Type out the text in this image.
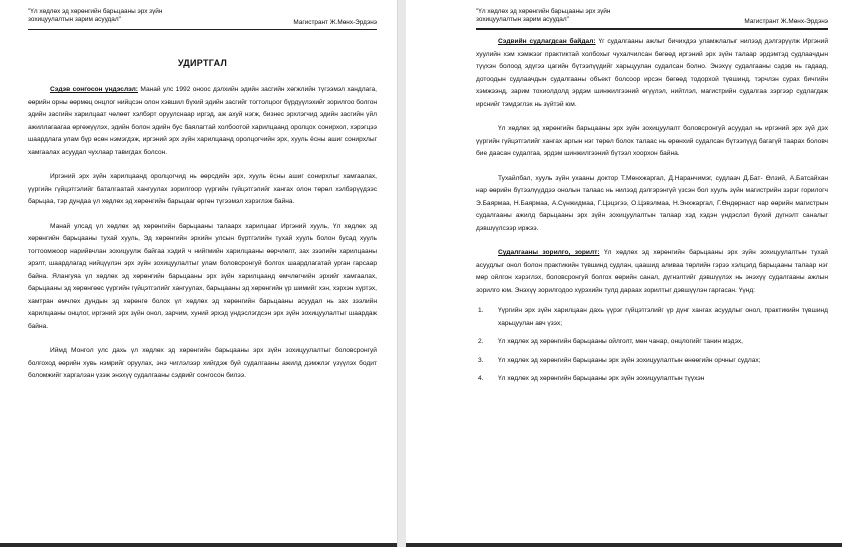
"Үл хөдлөх эд хөрөнгийн барьцааны эрх зүйн
зохицуулалтын зарим асуудал"	Магистрант Ж.Мөнх-Эрдэнэ
УДИРТГАЛ

Сэдэв сонгосон үндэслэл: Манай улс 1992 оноос дэлхийн эдийн засгийн хөгжлийн түгээмэл хандлага, өөрийн орны өөрмөц онцлог нийцсэн олон хэвшил бүхий эдийн засгийг тогтолцоог бүрдүүлэхийг зорилгоо болгон эдийн засгийн харилцаат чөлөөт хэлбэрт оруулснаар иргэд, аж ахуй нэгж, бизнес эрхлэгчид эдийн засгийн үйл ажиллагаагаа өргөжүүлэх, эдийн болон эдийн бус баялагтай холбоотой харилцаанд оролцох сонирхол, хэрэгцээ шаардлага улам бүр өсөн нэмэгдэж, иргэний эрх зүйн харилцаанд оролцогчийн эрх, хууль ёсны ашиг сонирхлыг хамгаалах асуудал чухлаар тавигдах болсон.

Иргэний эрх зүйн харилцаанд оролцогчид нь өөрсдийн эрх, хууль ёсны ашиг сонирхлыг хамгаалах, үүргийн гүйцэтгэлийг баталгаатай хангуулах зорилгоор үүргийн гүйцэтгэлийг хангах олон төрөл хэлбэрүүдээс барьцаа, тэр дундаа үл хөдлөх эд хөрөнгийн барьцааг өргөн түгээмэл хэрэглэж байна.

Манай улсад үл хөдлөх эд хөрөнгийн барьцааны талаарх харилцааг Иргэний хууль, Үл хөдлөх эд хөрөнгийн барьцааны тухай хууль, Эд хөрөнгийн эрхийн улсын бүртгэлийн тухай хууль болон бусад хууль тогтоомжоор нарийвчлан зохицуулж байгаа хэдий ч нийгмийн харилцааны өөрчлөлт, зах зээлийн харилцааны эрэлт, шаардлагад нийцүүлэн эрх зүйн зохицуулалтыг улам боловсронгуй болгох шаардлагатай урган гарсаар байна. Ялангуяа үл хөдлөх эд хөрөнгийн барьцааны эрх зүйн харилцаанд өмчлөгчийн эрхийг хамгаалах, барьцааны эд хөрөнгөөс үүргийн гүйцэтгэлийг хангуулах, барьцааны эд хөрөнгийн үр шимийг хэн, хэрхэн хүртэх, хамтран өмчлөх дундын эд хөрөнгө болох үл хөдлөх эд хөрөнгийн барьцааны асуудал нь зах зээлийн харилцааны онцлог, иргэний эрх зүйн онол, зарчим, хуний эрхэд үндэслэгдсэн эрх зүйн зохицуулалтыг шаардаж байна.

Иймд Монгол улс дахь үл хөдлөх эд хөрөнгийн барьцааны эрх зүйн зохицуулалтыг боловсронгуй болгоход өөрийн хувь нэмрийг оруулах, энэ чиглэлээр хийгдэж буй судалгааны ажилд дэмжлэг үзүүлэх бодит боломжийг харгалзан үзэж энэхүү судалгааны сэдвийг сонгосон билээ.

"Үл хөдлөх эд хөрөнгийн барьцааны эрх зүйн
зохицуулалтын зарим асуудал"	Магистрант Ж.Мөнх-Эрдэнэ

Сэдвийн судлагдсан байдал: Үг судалгааны ажлыг бичихдээ уламжлалыг нилээд дэлгэрүүлж Иргэний хуулийн хэм хэмжээг практиктай холбохыг чухалчилсан бөгөөд иргэний эрх зүйн талаар эрдэмтэд судлаачдын түүхэн болоод эдүгээ цагийн бүтээлүүдийг харьцуулан судалсан болно. Энэхүү судалгааны сэдэв нь гадаад, дотоодын судлаачдын судалгааны объект болсоор ирсэн бөгөөд тодорхой түвшинд, тэрчлэн сурах бичгийн хэмжээнд, зарим тохиолдолд эрдэм шинжилгээний өгүүлэл, нийтлэл, магистрийн судалгаа зэргээр судлагдаж ирснийг тэмдэглэх нь зүйтэй юм.

Үл хөдлөх эд хөрөнгийн барьцааны эрх зүйн зохицуулалт боловсронгуй асуудал нь иргэний эрх зүй дэх үүргийн гүйцэтгэлийг хангах аргын нэг төрөл болох талаас нь өрөнхий судалсан бүтээлүүд багагүй таарах боловч бие даасан судалгаа, эрдэм шинжилгээний бүтээл хоорхон байна.

Тухайлбал, хууль зүйн ухааны доктор Т.Мөнхжаргал, Д.Наранчимэг, судлаач Д.Бат- Өлзий, А.Батсайхан нар өөрийн бүтээлүүддээ онолын талаас нь нилээд дэлгэрэнгүй үзсэн бол хууль зүйн магистрийн зэрэг горилогч Э.Баярмаа, Н.Баярмаа, А.Сүнжидмаа, Г.Цэцэгээ, О.Цэвэлмаа, Н.Энхжаргал, Г.Өндөрнаст нар өөрийн магистрын судалгааны ажилд барьцааны эрх зүйн зохицуулалтын талаар хэд хэдэн үндэслэл бүхий дүгнэлт саналыг дэвшүүлсээр иржээ.

Судалгааны зорилго, зорилт: Үл хөдлөх эд хөрөнгийн барьцааны эрх зүйн зохицуулалтын тухай асуудлыг онол болон практикийн түвшинд судлан, цаашид аливаа төрлийн гэрээ хэлцэлд барьцааны талаар нэг мөр ойлгон хэрэглэх, боловсронгуй болгох өөрийн санал, дүгнэлтийг дэвшүүлэх нь энэхүү судалгааны ажлын зорилго юм. Энэхүү зорилгодоо хүрэхийн тулд дараах зорилтыг дэвшүүлэн гаргасан. Үүнд:

1. Үүргийн эрх зүйн харилцаан дахь үүрэг гүйцэтгэлийг үр дүнг хангах асуудлыг онол, практикийн түвшинд харьцуулан авч үзэх;
2. Үл хөдлөх эд хөрөнгийн барьцааны ойлголт, мөн чанар, онцлогийг танин мэдэх,
3. Үл хөдлөх эд хөрөнгийн барьцааны эрх зүйн зохицуулалтын өнөөгийн орчныг судлах;
4. Үл хөдлөх эд хөрөнгийн барьцааны эрх зүйн зохицуулалтын түүхэн
